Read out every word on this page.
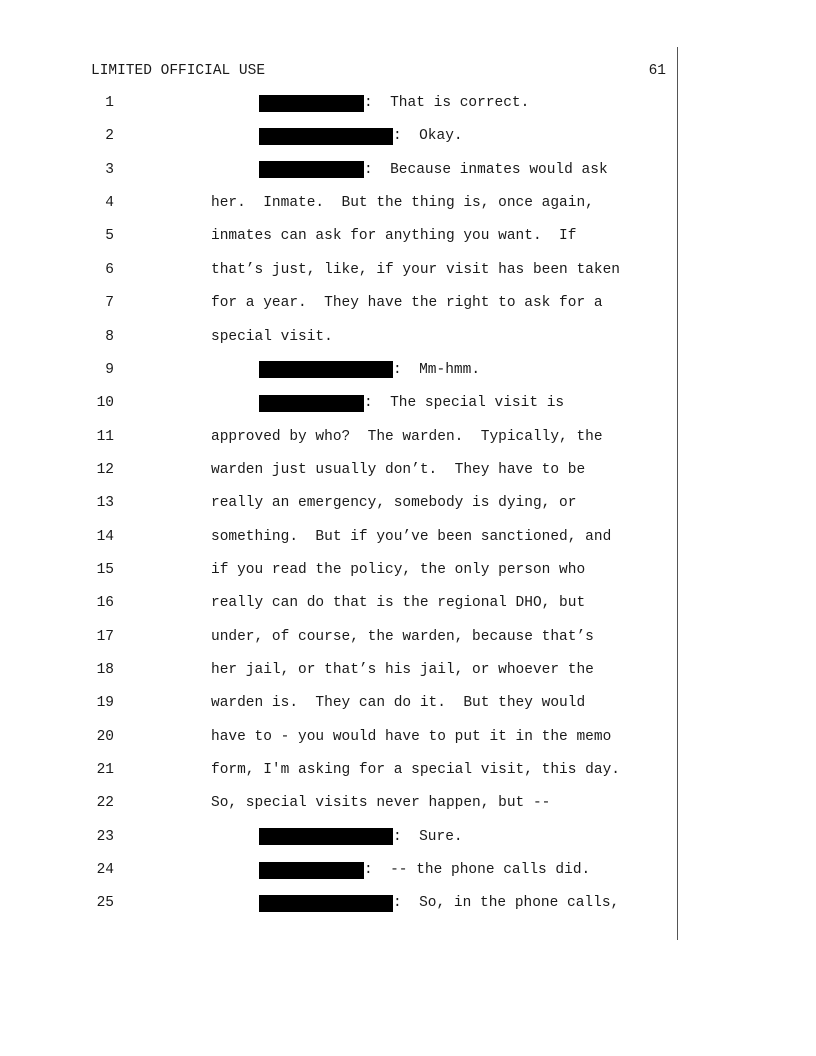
LIMITED OFFICIAL USE	61
1	:  That is correct.
2	:  Okay.
3	:  Because inmates would ask
4	her.  Inmate.  But the thing is, once again,
5	inmates can ask for anything you want.  If
6	that’s just, like, if your visit has been taken
7	for a year.  They have the right to ask for a
8	special visit.
9	:  Mm-hmm.
10	:  The special visit is
11	approved by who?  The warden.  Typically, the
12	warden just usually don’t.  They have to be
13	really an emergency, somebody is dying, or
14	something.  But if you’ve been sanctioned, and
15	if you read the policy, the only person who
16	really can do that is the regional DHO, but
17	under, of course, the warden, because that’s
18	her jail, or that’s his jail, or whoever the
19	warden is.  They can do it.  But they would
20	have to - you would have to put it in the memo
21	form, I'm asking for a special visit, this day.
22	So, special visits never happen, but --
23	:  Sure.
24	:  -- the phone calls did.
25	:  So, in the phone calls,
